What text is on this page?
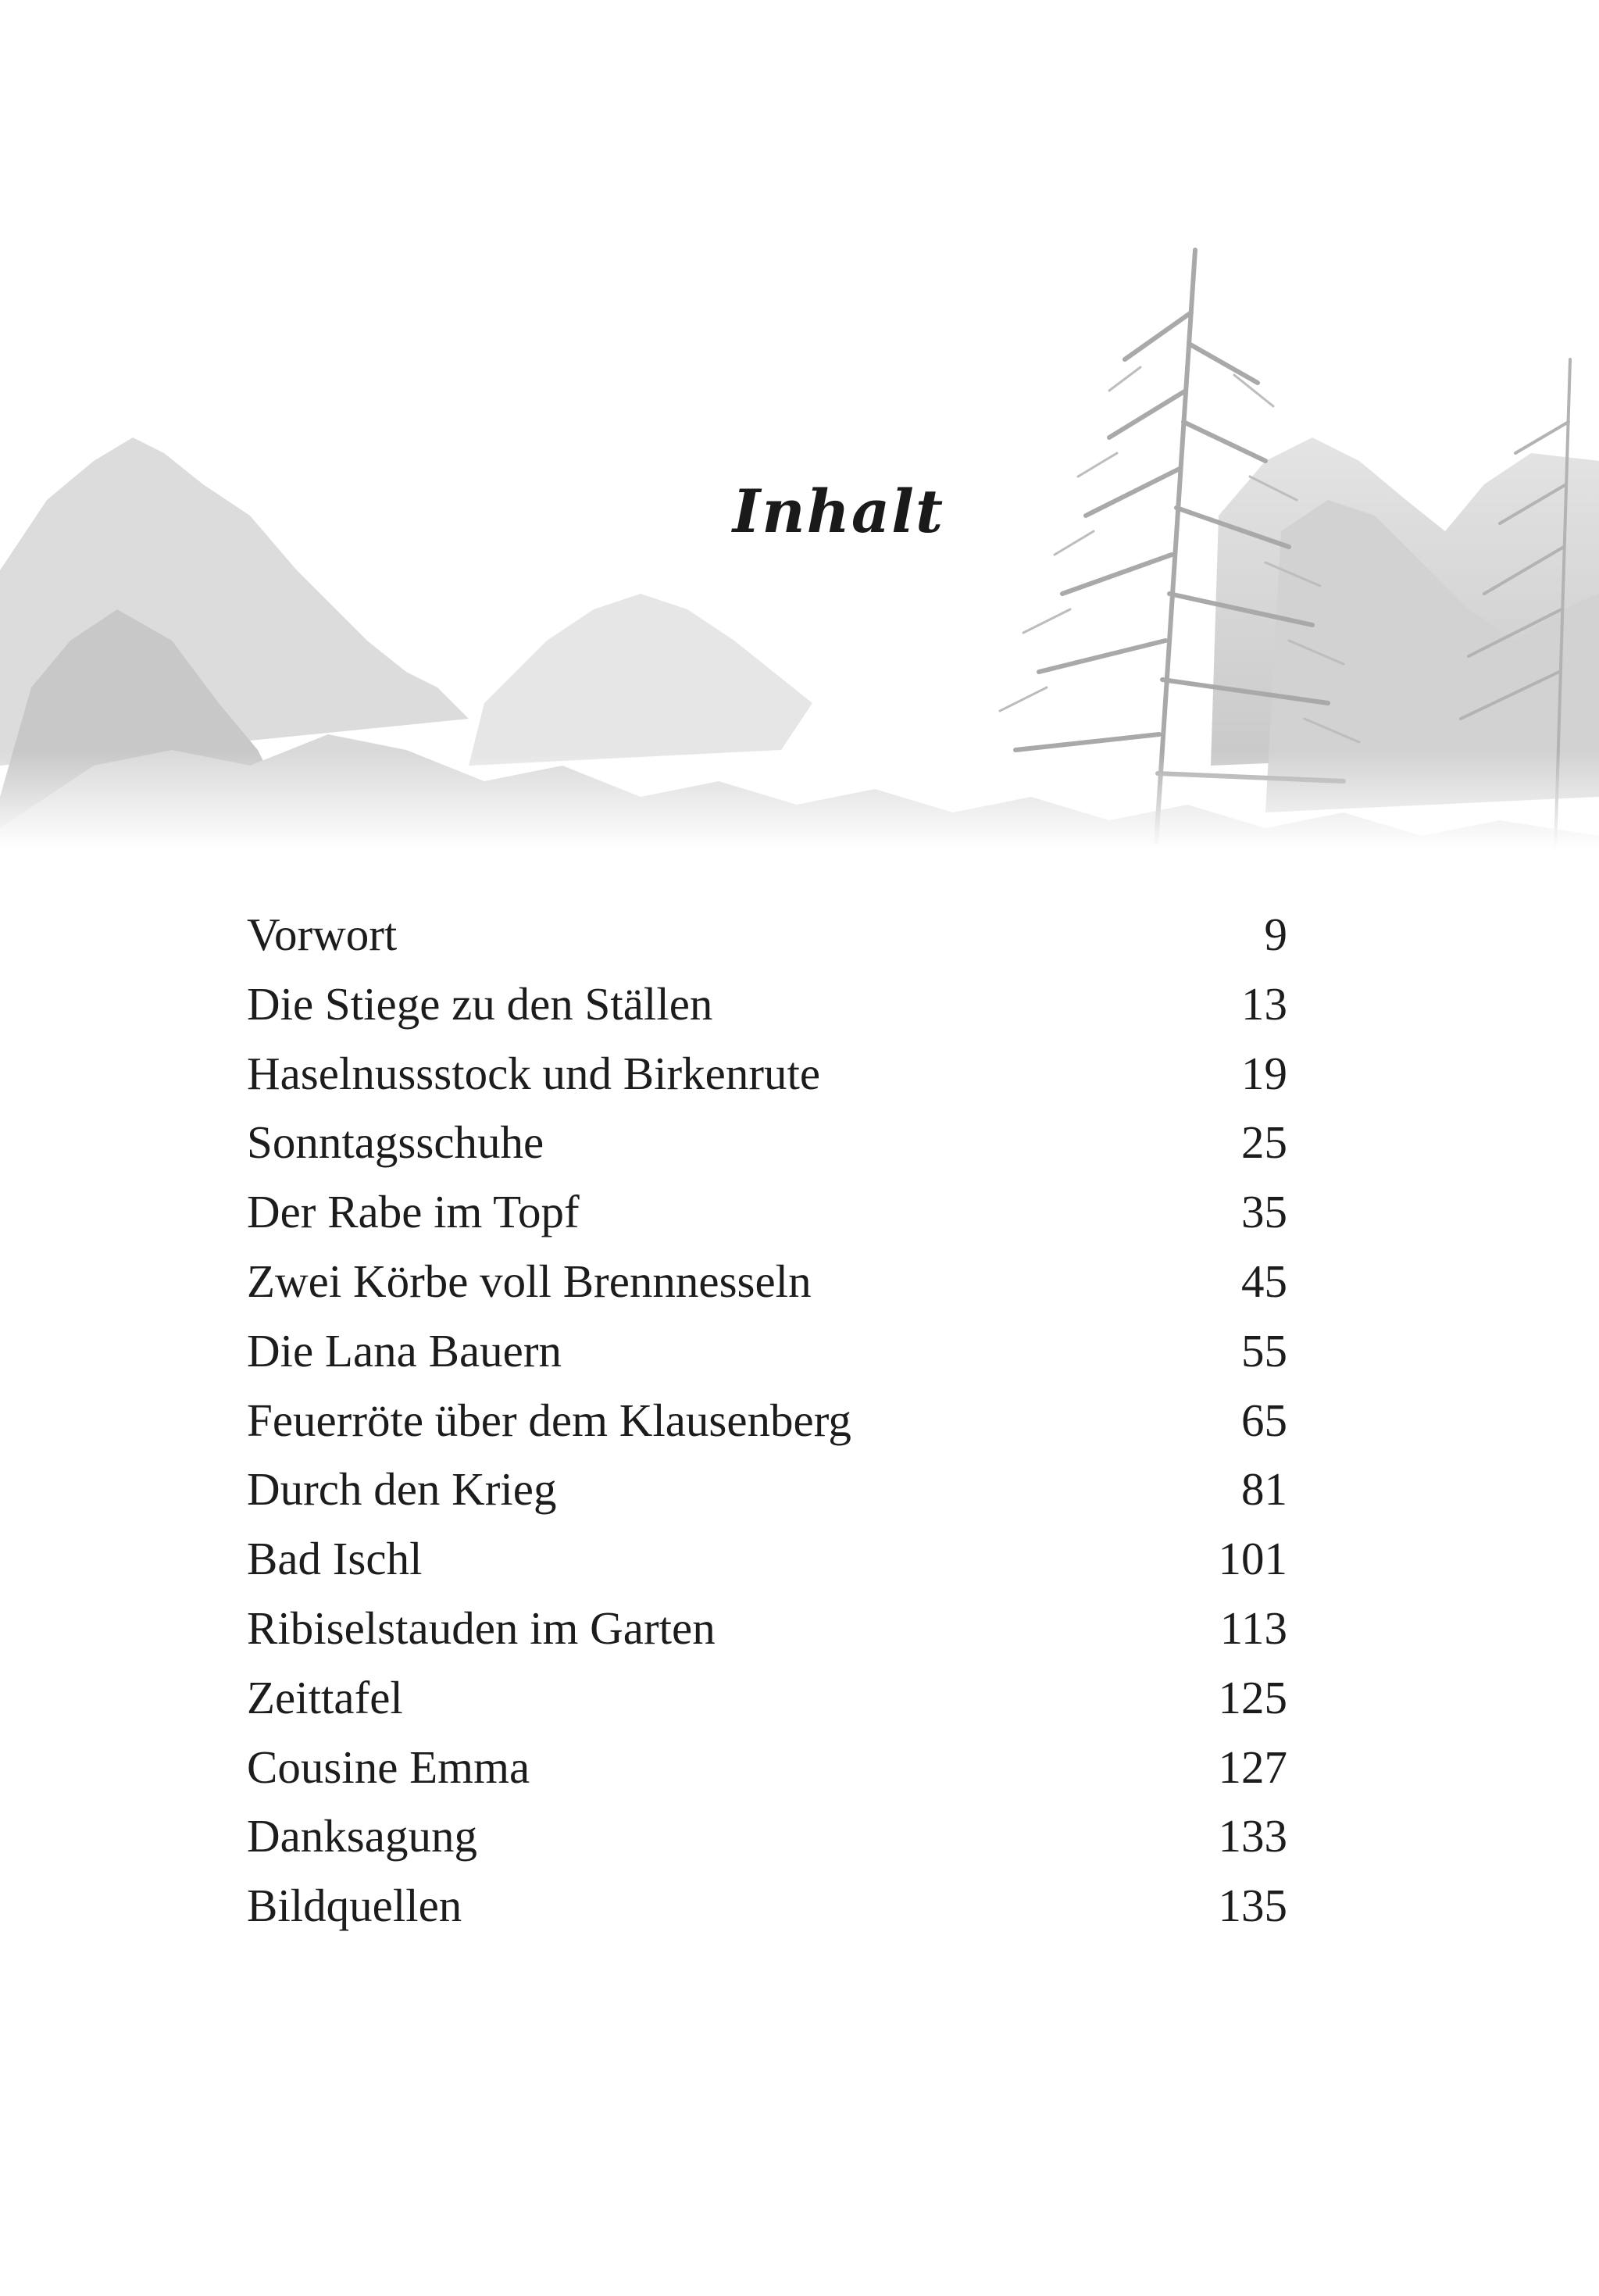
Inhalt
Vorwort	9
Die Stiege zu den Ställen	13
Haselnussstock und Birkenrute	19
Sonntagsschuhe	25
Der Rabe im Topf	35
Zwei Körbe voll Brennnesseln	45
Die Lana Bauern	55
Feuerröte über dem Klausenberg	65
Durch den Krieg	81
Bad Ischl	101
Ribiselstauden im Garten	113
Zeittafel	125
Cousine Emma	127
Danksagung	133
Bildquellen	135
